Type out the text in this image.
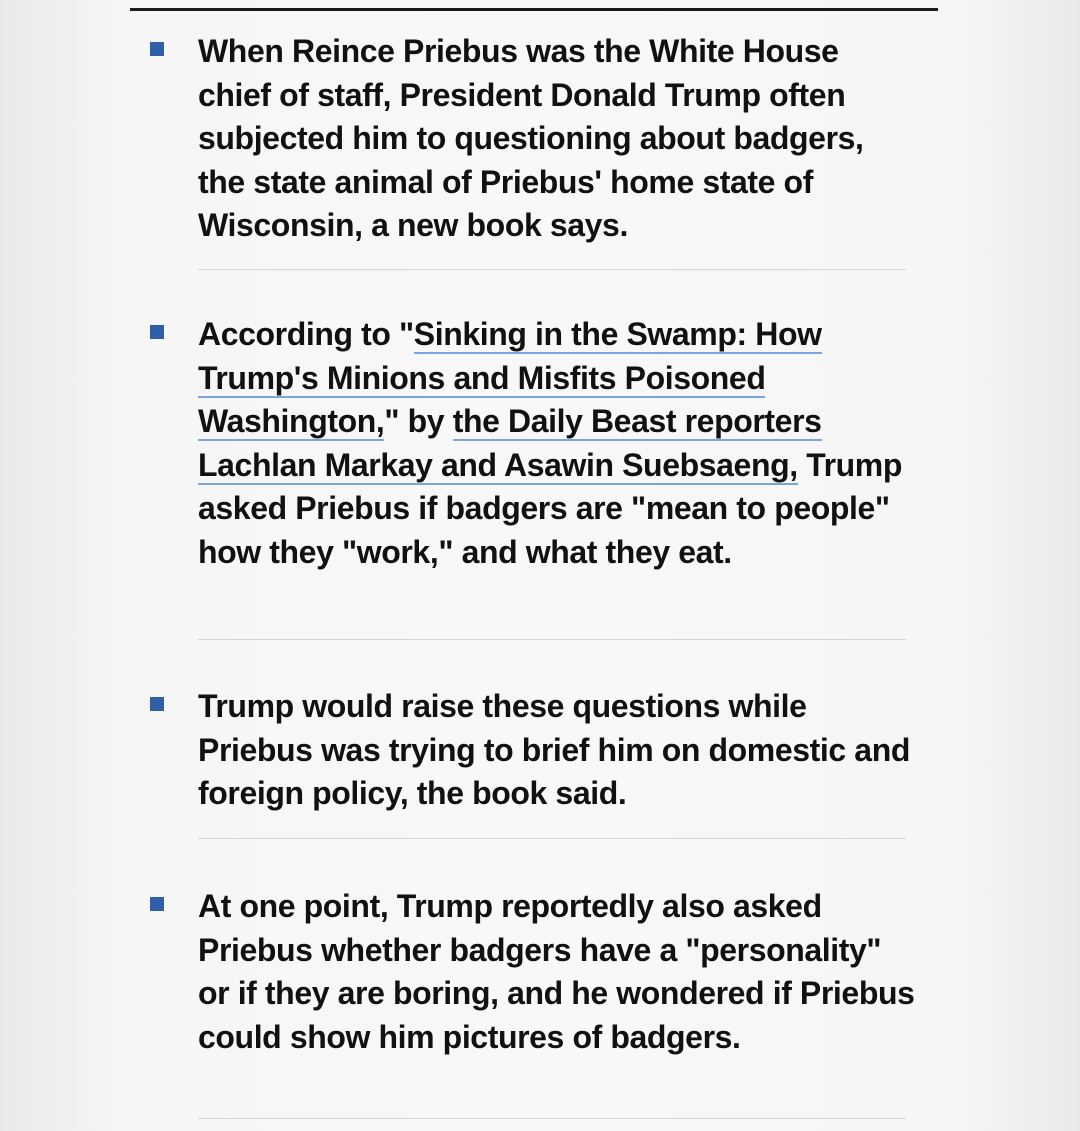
When Reince Priebus was the White House chief of staff, President Donald Trump often subjected him to questioning about badgers, the state animal of Priebus' home state of Wisconsin, a new book says.

According to "Sinking in the Swamp: How Trump's Minions and Misfits Poisoned Washington," by the Daily Beast reporters Lachlan Markay and Asawin Suebsaeng, Trump asked Priebus if badgers are "mean to people" how they "work," and what they eat.

Trump would raise these questions while Priebus was trying to brief him on domestic and foreign policy, the book said.

At one point, Trump reportedly also asked Priebus whether badgers have a "personality" or if they are boring, and he wondered if Priebus could show him pictures of badgers.
